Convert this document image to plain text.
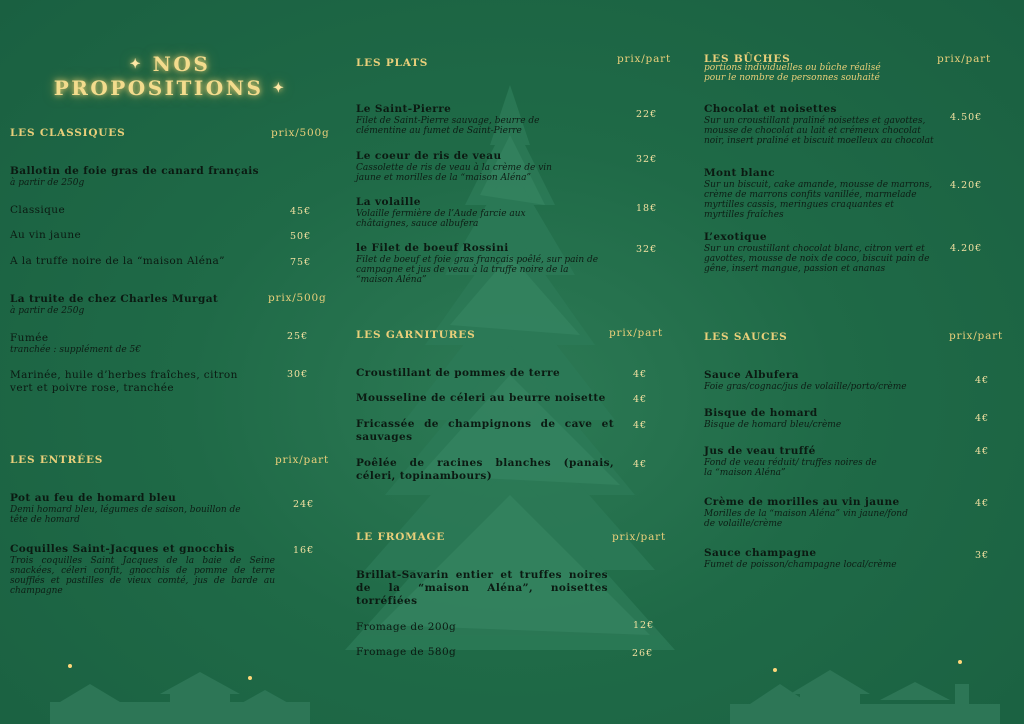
✦ NOS PROPOSITIONS ✦
LES CLASSIQUES	prix/500g
Ballotin de foie gras de canard français
à partir de 250g
Classique	45€
Au vin jaune	50€
A la truffe noire de la “maison Aléna”	75€
La truite de chez Charles Murgat
à partir de 250g
prix/500g
Fumée
tranchée : supplément de 5€
25€
Marinée, huile d’herbes fraîches, citron vert et poivre rose, tranchée
30€
LES ENTRÉES	prix/part
Pot au feu de homard bleu
Demi homard bleu, légumes de saison, bouillon de tête de homard
24€
Coquilles Saint-Jacques et gnocchis
Trois coquilles Saint Jacques de la baie de Seine snackées, céleri confit, gnocchis de pomme de terre soufflés et pastilles de vieux comté, jus de barde au champagne
16€
LES PLATS	prix/part
Le Saint-Pierre
Filet de Saint-Pierre sauvage, beurre de clémentine au fumet de Saint-Pierre
22€
Le coeur de ris de veau
Cassolette de ris de veau à la crème de vin jaune et morilles de la “maison Aléna”
32€
La volaille
Volaille fermière de l’Aude farcie aux châtaignes, sauce albufera
18€
le Filet de boeuf Rossini
Filet de boeuf et foie gras français poêlé, sur pain de campagne et jus de veau à la truffe noire de la “maison Aléna”
32€
LES GARNITURES	prix/part
Croustillant de pommes de terre	4€
Mousseline de céleri au beurre noisette	4€
Fricassée de champignons de cave et sauvages
4€
Poêlée de racines blanches (panais, céleri, topinambours)
4€
LE FROMAGE	prix/part
Brillat-Savarin entier et truffes noires de la “maison Aléna”, noisettes torréfiées
Fromage de 200g	12€
Fromage de 580g	26€
LES BÛCHES
portions individuelles ou bûche réalisé pour le nombre de personnes souhaité
prix/part
Chocolat et noisettes
Sur un croustillant praliné noisettes et gavottes, mousse de chocolat au lait et crémeux chocolat noir, insert praliné et biscuit moelleux au chocolat
4.50€
Mont blanc
Sur un biscuit, cake amande, mousse de marrons, crème de marrons confits vanillée, marmelade myrtilles cassis, meringues craquantes et myrtilles fraîches
4.20€
L’exotique
Sur un croustillant chocolat blanc, citron vert et gavottes, mousse de noix de coco, biscuit pain de gêne, insert mangue, passion et ananas
4.20€
LES SAUCES	prix/part
Sauce Albufera
Foie gras/cognac/jus de volaille/porto/crème
4€
Bisque de homard
Bisque de homard bleu/crème
4€
Jus de veau truffé
Fond de veau réduit/ truffes noires de la “maison Aléna”
4€
Crème de morilles au vin jaune
Morilles de la “maison Aléna” vin jaune/fond de volaille/crème
4€
Sauce champagne
Fumet de poisson/champagne local/crème
3€
